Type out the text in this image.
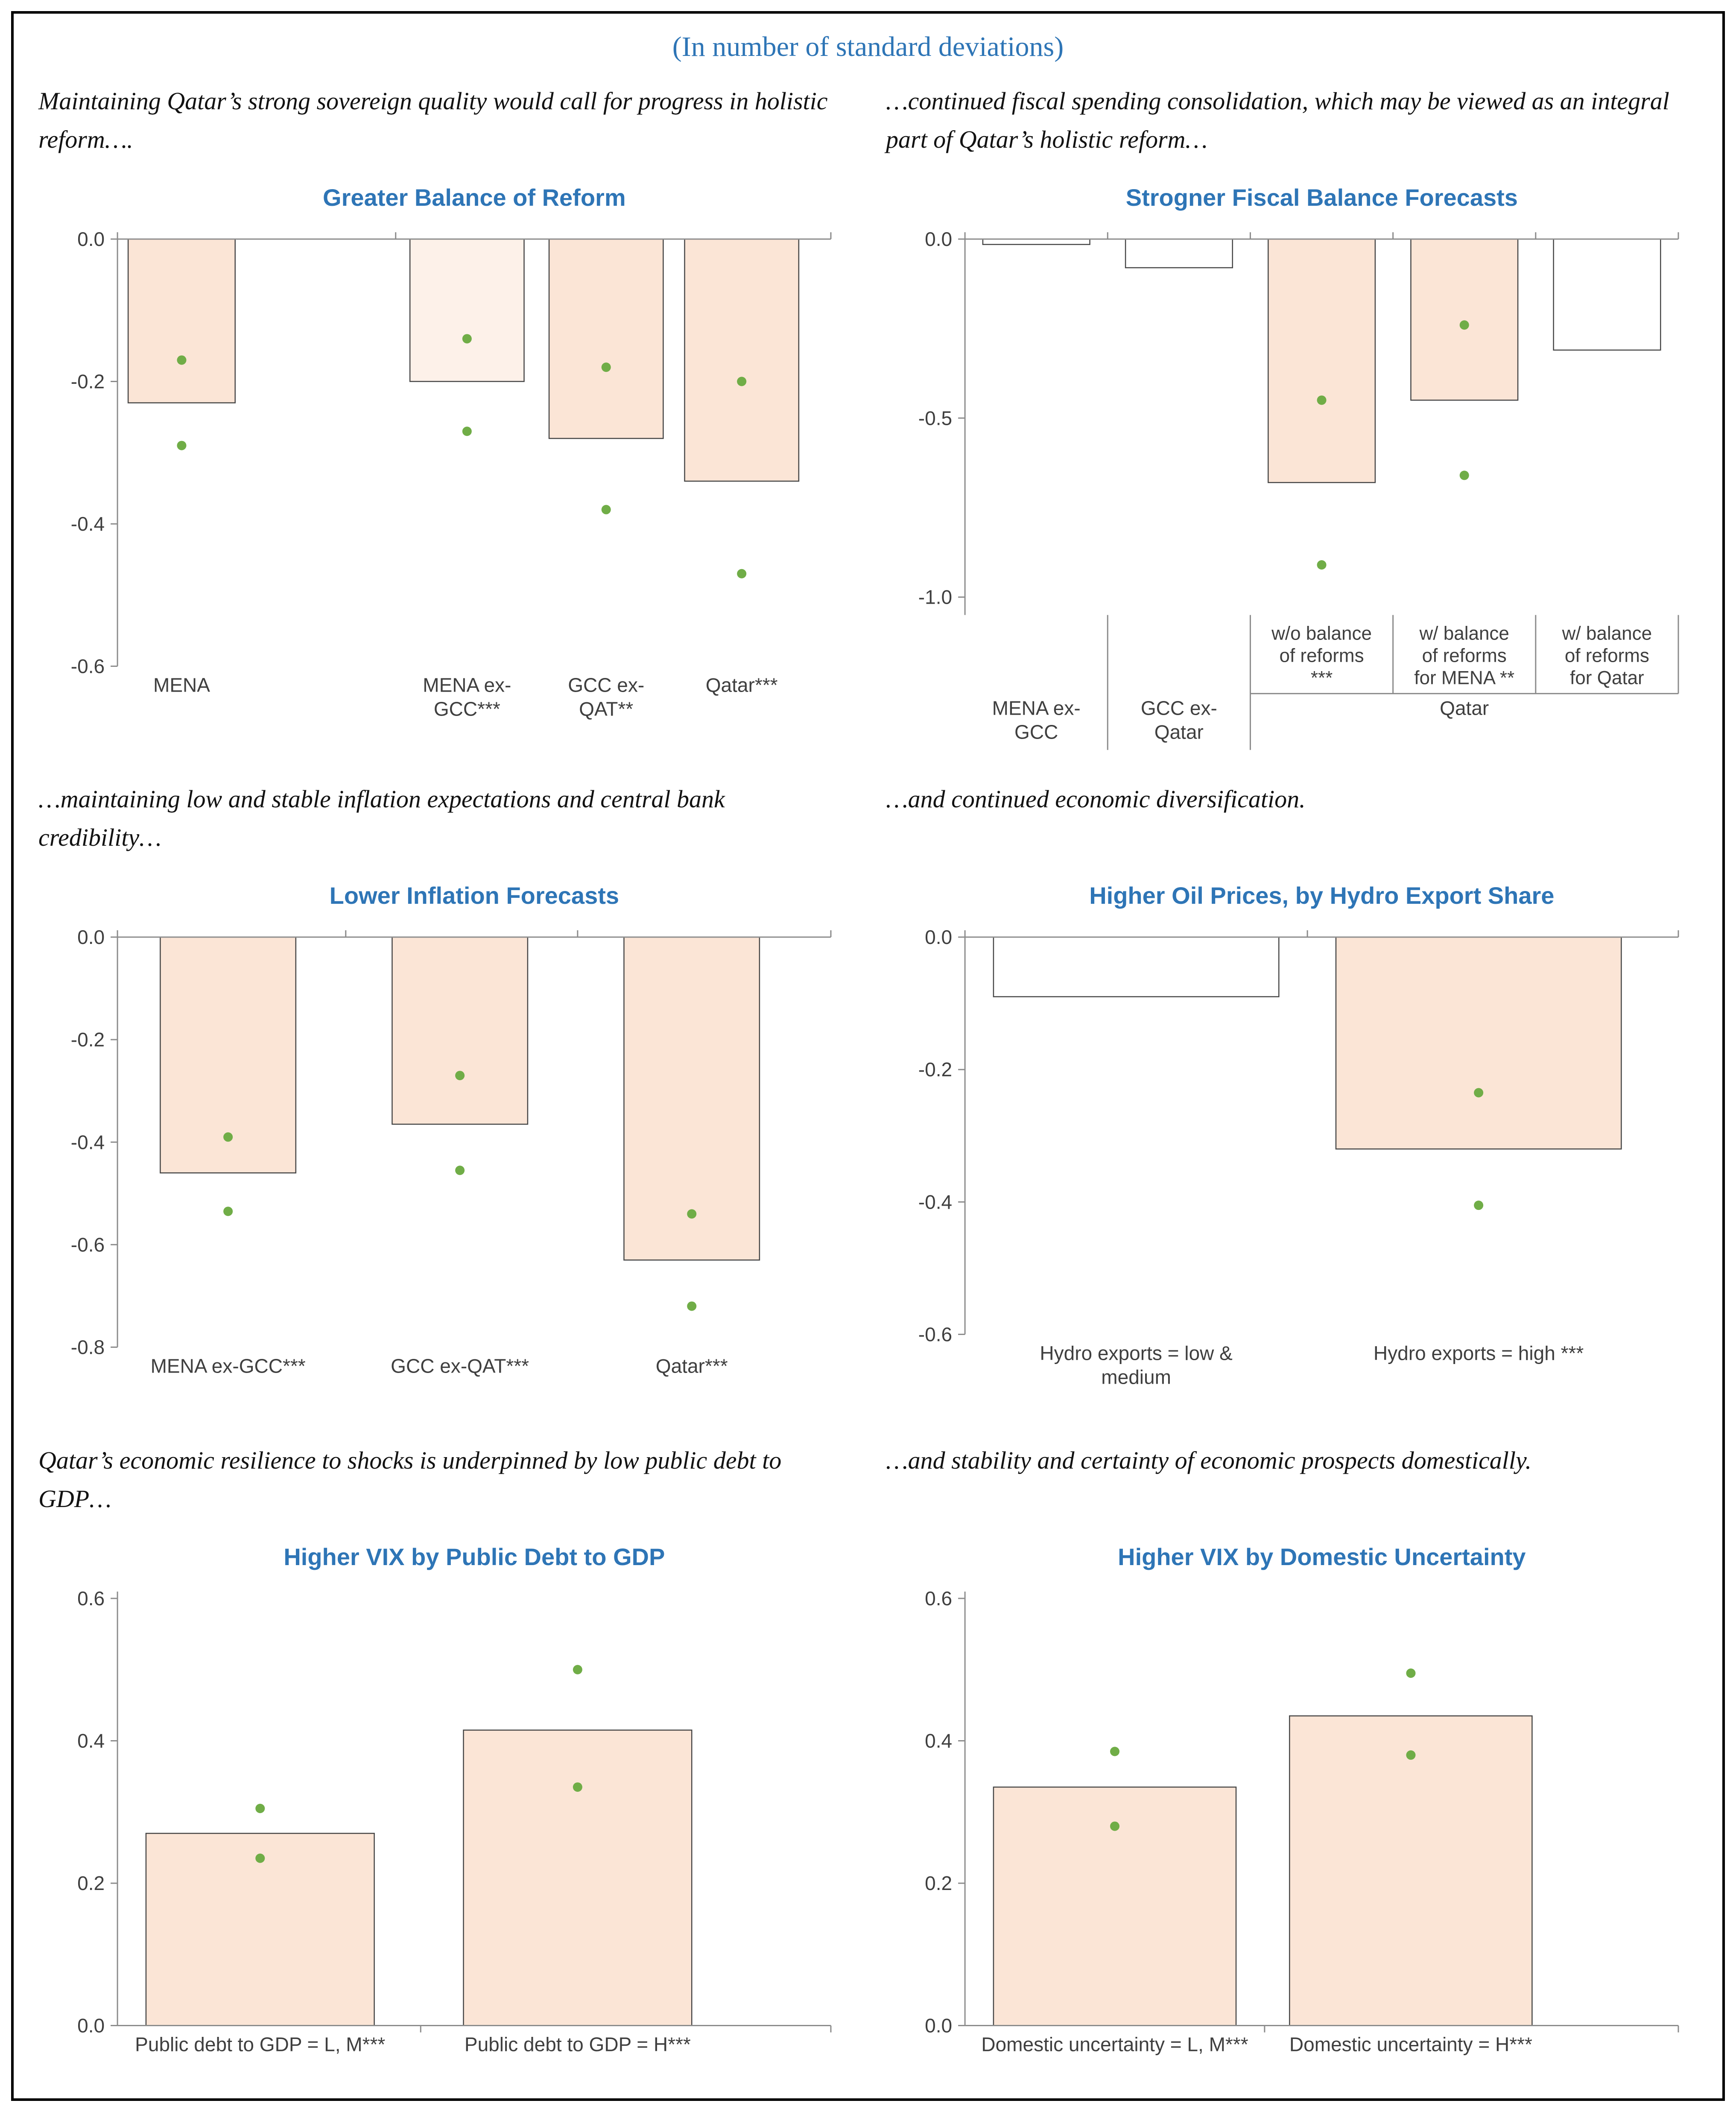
(In number of standard deviations)

Maintaining Qatar’s strong sovereign quality would call for progress in holistic reform….

Greater Balance of Reform
0.0
-0.2
-0.4
-0.6
MENA	MENA ex-
GCC***
GCC ex-
QAT**
Qatar***

…continued fiscal spending consolidation, which may be viewed as an integral part of Qatar’s holistic reform…

Strogner Fiscal Balance Forecasts
0.0
-0.5
-1.0
w/o balance
of reforms
***
w/ balance
of reforms
for MENA **
w/ balance
of reforms
for Qatar
MENA ex-
GCC
GCC ex-
Qatar
Qatar

…maintaining low and stable inflation expectations and central bank credibility…

Lower Inflation Forecasts
0.0
-0.2
-0.4
-0.6
-0.8
MENA ex-GCC***	GCC ex-QAT***	Qatar***

…and continued economic diversification.

Higher Oil Prices, by Hydro Export Share
0.0
-0.2
-0.4
-0.6
Hydro exports = low &
medium
Hydro exports = high ***

Qatar’s economic resilience to shocks is underpinned by low public debt to GDP…

Higher VIX by Public Debt to GDP
0.6
0.4
0.2
0.0
Public debt to GDP = L, M***	Public debt to GDP = H***

…and stability and certainty of economic prospects domestically.

Higher VIX by Domestic Uncertainty
0.6
0.4
0.2
0.0
Domestic uncertainty = L, M*** Domestic uncertainty = H***
